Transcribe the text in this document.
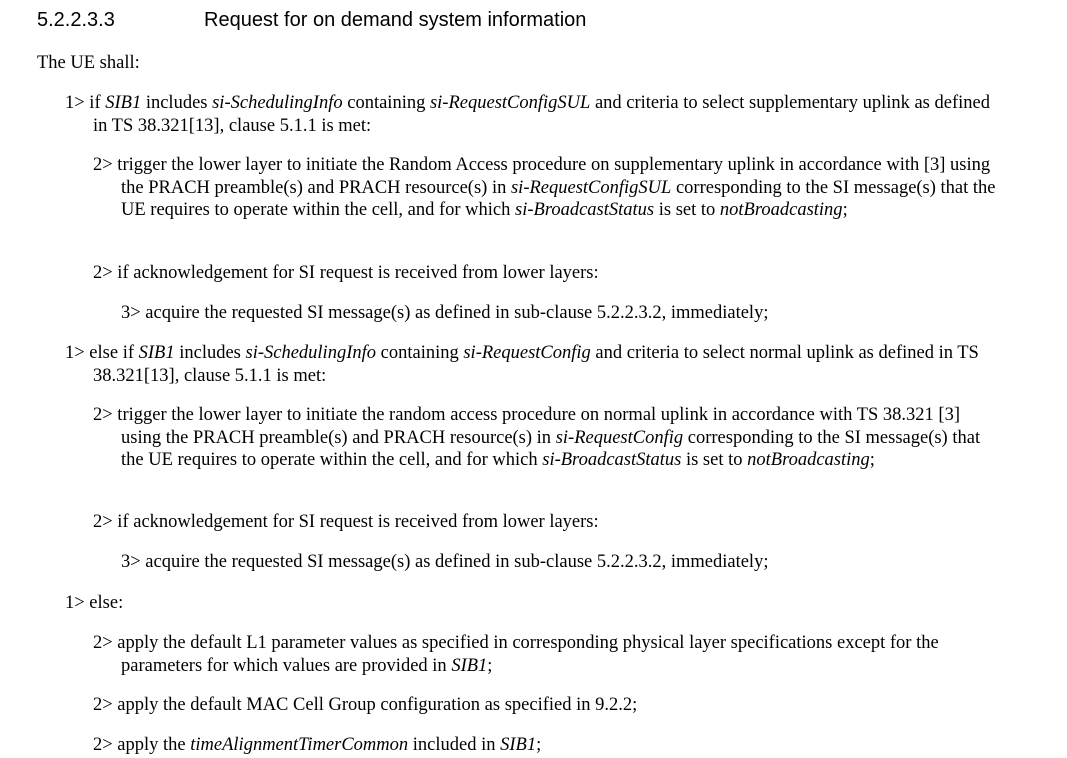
5.2.2.3.3	Request for on demand system information
The UE shall:
1> if SIB1 includes si-SchedulingInfo containing si-RequestConfigSUL and criteria to select supplementary uplink as defined in TS 38.321[13], clause 5.1.1 is met:
2> trigger the lower layer to initiate the Random Access procedure on supplementary uplink in accordance with [3] using the PRACH preamble(s) and PRACH resource(s) in si-RequestConfigSUL corresponding to the SI message(s) that the UE requires to operate within the cell, and for which si-BroadcastStatus is set to notBroadcasting;
2> if acknowledgement for SI request is received from lower layers:
3> acquire the requested SI message(s) as defined in sub-clause 5.2.2.3.2, immediately;
1> else if SIB1 includes si-SchedulingInfo containing si-RequestConfig and criteria to select normal uplink as defined in TS 38.321[13], clause 5.1.1 is met:
2> trigger the lower layer to initiate the random access procedure on normal uplink in accordance with TS 38.321 [3] using the PRACH preamble(s) and PRACH resource(s) in si-RequestConfig corresponding to the SI message(s) that the UE requires to operate within the cell, and for which si-BroadcastStatus is set to notBroadcasting;
2> if acknowledgement for SI request is received from lower layers:
3> acquire the requested SI message(s) as defined in sub-clause 5.2.2.3.2, immediately;
1> else:
2> apply the default L1 parameter values as specified in corresponding physical layer specifications except for the parameters for which values are provided in SIB1;
2> apply the default MAC Cell Group configuration as specified in 9.2.2;
2> apply the timeAlignmentTimerCommon included in SIB1;
